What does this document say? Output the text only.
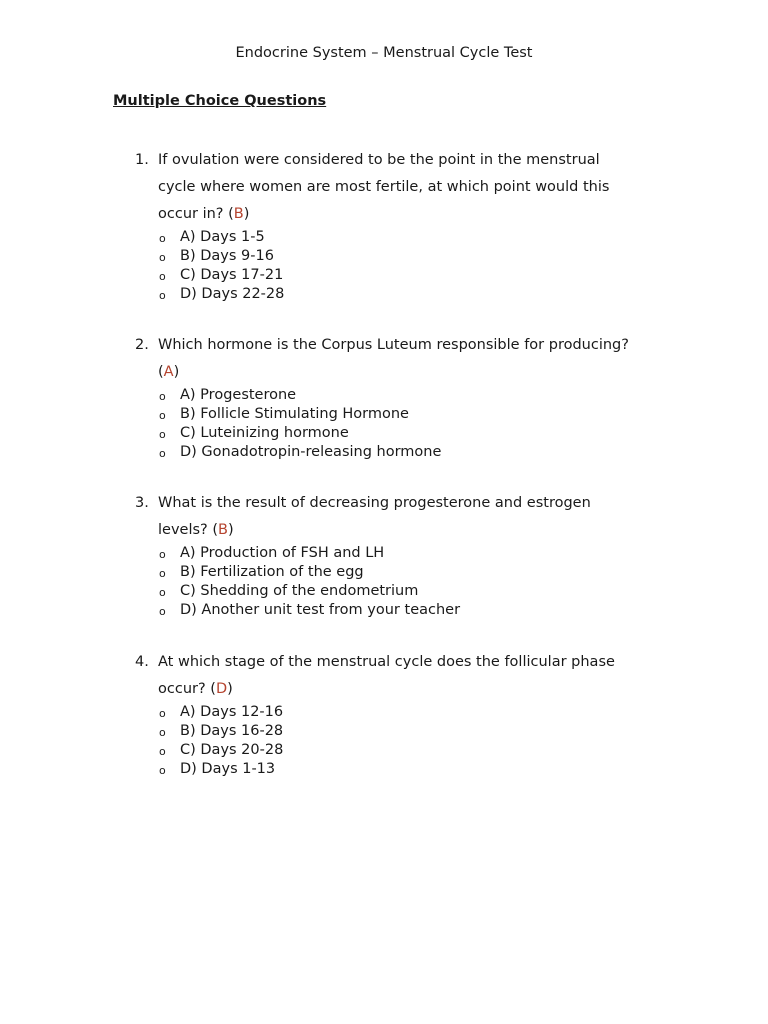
Endocrine System – Menstrual Cycle Test
Multiple Choice Questions
1. If ovulation were considered to be the point in the menstrual
cycle where women are most fertile, at which point would this
occur in? (B)
o A) Days 1-5
o B) Days 9-16
o C) Days 17-21
o D) Days 22-28
2. Which hormone is the Corpus Luteum responsible for producing?
(A)
o A) Progesterone
o B) Follicle Stimulating Hormone
o C) Luteinizing hormone
o D) Gonadotropin-releasing hormone
3. What is the result of decreasing progesterone and estrogen
levels? (B)
o A) Production of FSH and LH
o B) Fertilization of the egg
o C) Shedding of the endometrium
o D) Another unit test from your teacher
4. At which stage of the menstrual cycle does the follicular phase
occur? (D)
o A) Days 12-16
o B) Days 16-28
o C) Days 20-28
o D) Days 1-13
